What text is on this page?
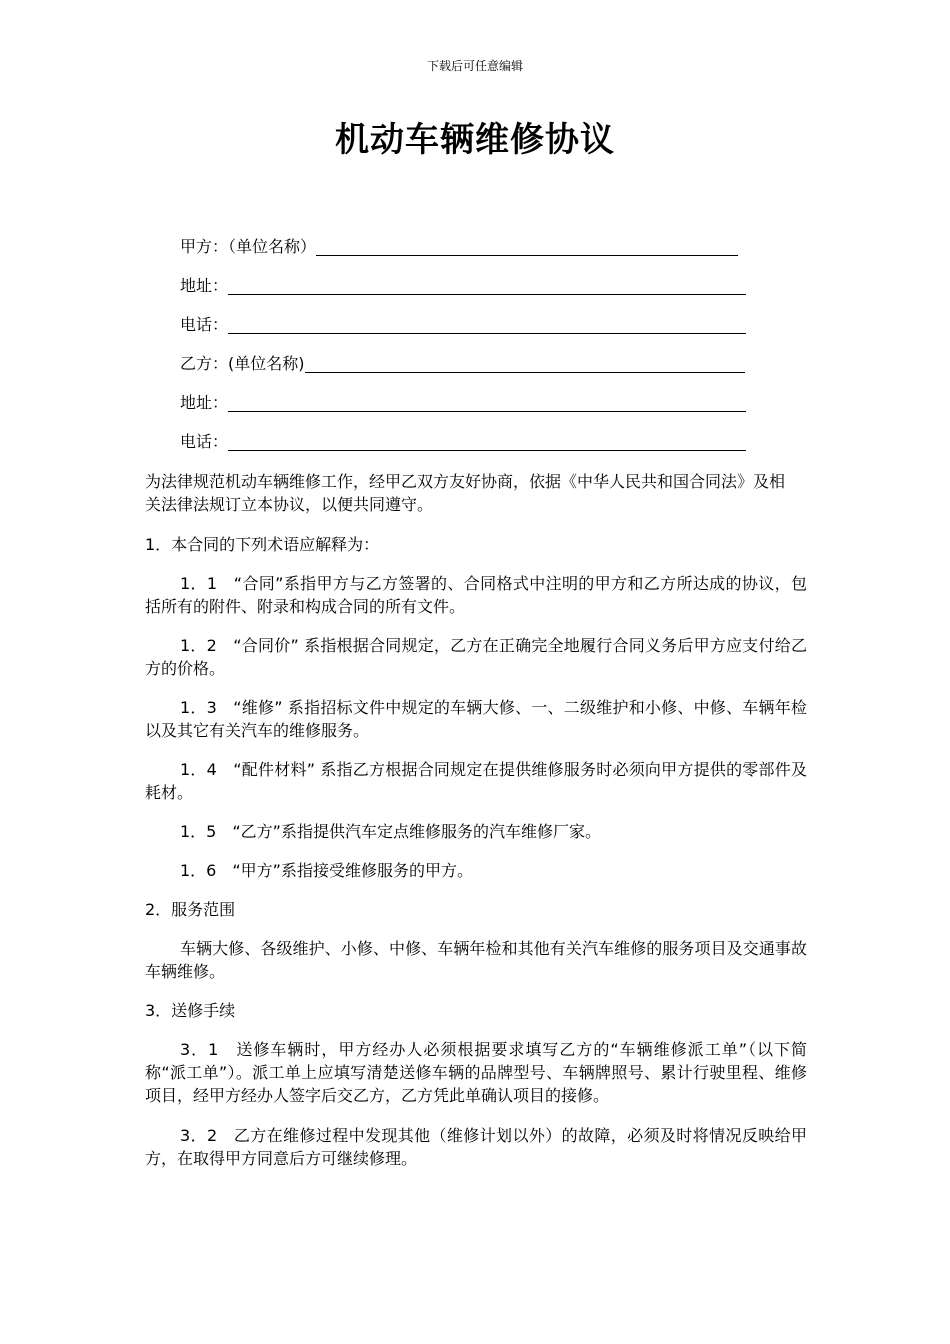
下载后可任意编辑
机动车辆维修协议
甲方：（单位名称）
地址：
电话：
乙方：(单位名称)
地址：
电话：
为法律规范机动车辆维修工作，经甲乙双方友好协商，依据《中华人民共和国合同法》及相关法律法规订立本协议，以便共同遵守。
1．本合同的下列术语应解释为：
1．1　“合同”系指甲方与乙方签署的、合同格式中注明的甲方和乙方所达成的协议，包括所有的附件、附录和构成合同的所有文件。
1．2　“合同价” 系指根据合同规定，乙方在正确完全地履行合同义务后甲方应支付给乙方的价格。
1．3　“维修” 系指招标文件中规定的车辆大修、一、二级维护和小修、中修、车辆年检以及其它有关汽车的维修服务。
1．4　“配件材料” 系指乙方根据合同规定在提供维修服务时必须向甲方提供的零部件及耗材。
1．5　“乙方”系指提供汽车定点维修服务的汽车维修厂家。
1．6　“甲方”系指接受维修服务的甲方。
2．服务范围
车辆大修、各级维护、小修、中修、车辆年检和其他有关汽车维修的服务项目及交通事故车辆维修。
3．送修手续
3．1　送修车辆时，甲方经办人必须根据要求填写乙方的“车辆维修派工单”（以下简称“派工单”）。派工单上应填写清楚送修车辆的品牌型号、车辆牌照号、累计行驶里程、维修项目，经甲方经办人签字后交乙方，乙方凭此单确认项目的接修。
3．2　乙方在维修过程中发现其他（维修计划以外）的故障，必须及时将情况反映给甲方，在取得甲方同意后方可继续修理。
